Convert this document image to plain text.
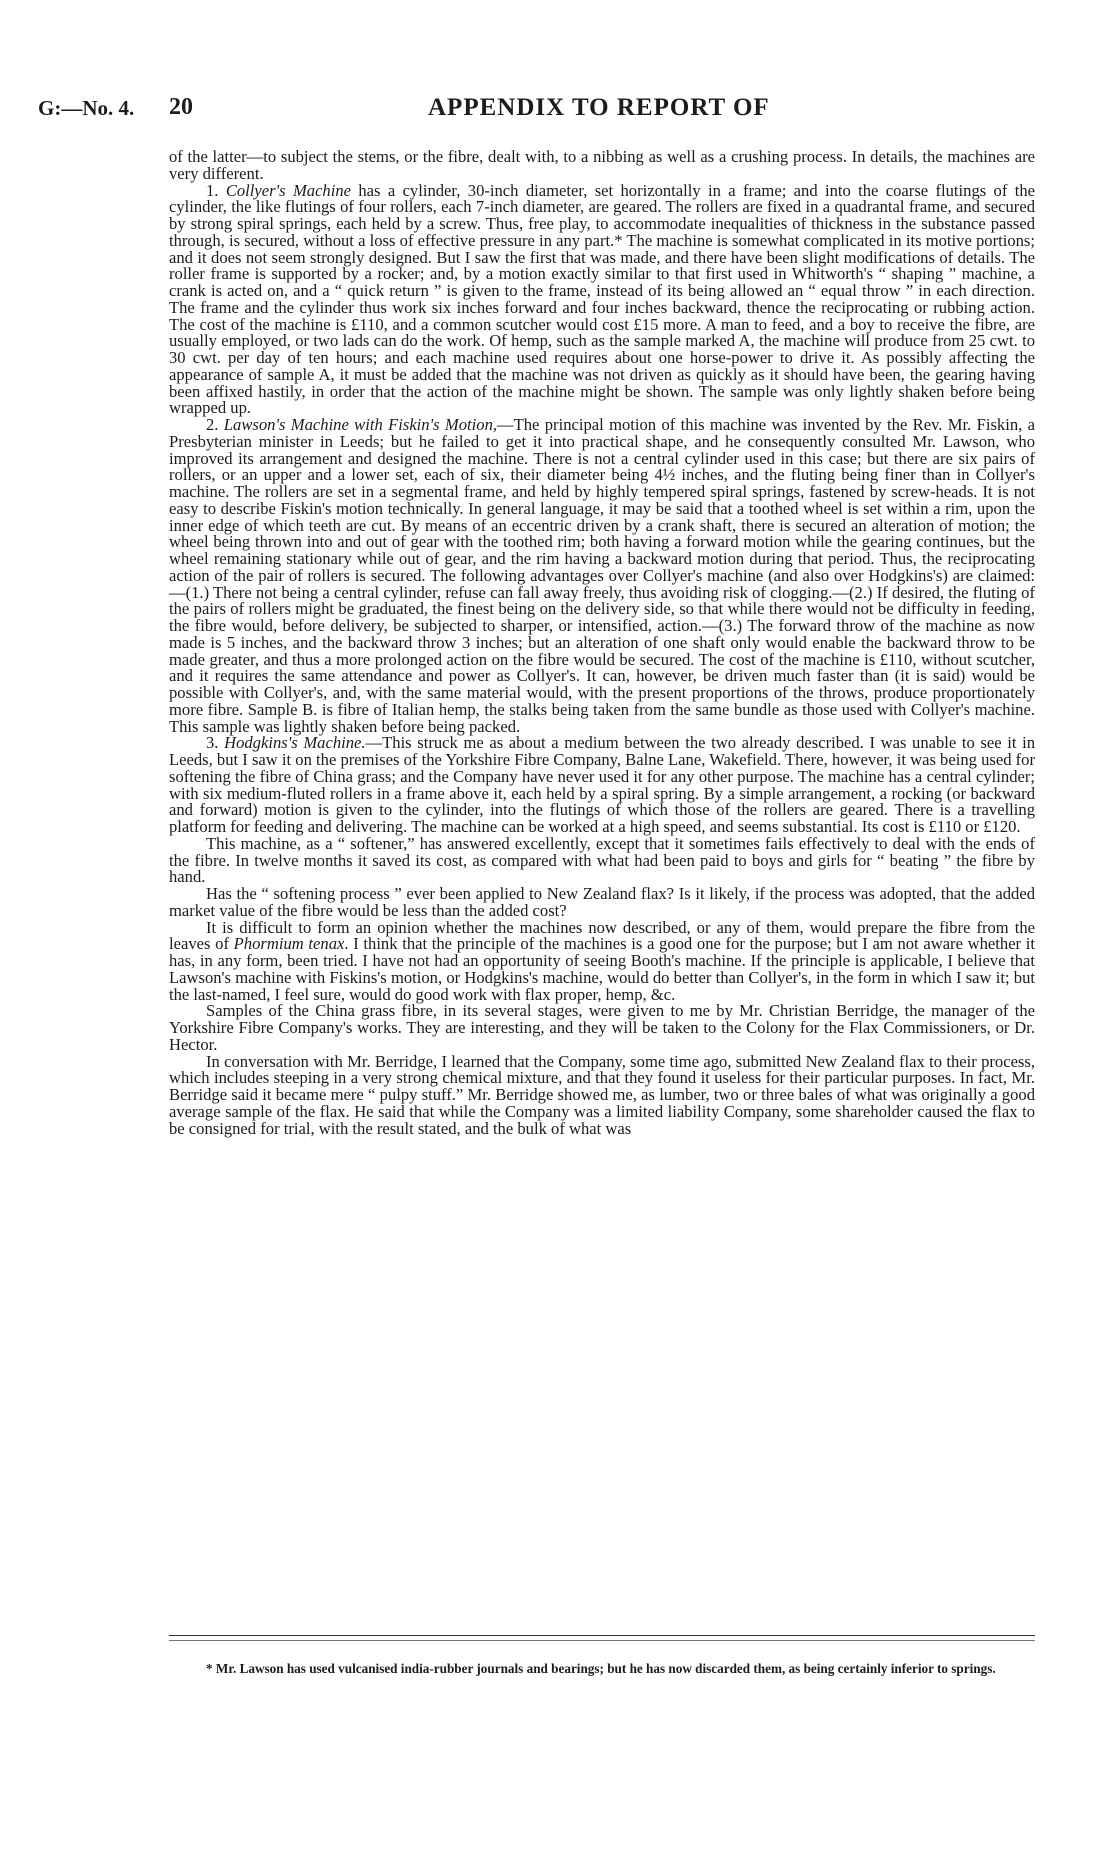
G:—No. 4. 20	APPENDIX TO REPORT OF

of the latter—to subject the stems, or the fibre, dealt with, to a nibbing as well as a crushing process. In details, the machines are very different.

1. Collyer's Machine has a cylinder, 30-inch diameter, set horizontally in a frame; and into the coarse flutings of the cylinder, the like flutings of four rollers, each 7-inch diameter, are geared. The rollers are fixed in a quadrantal frame, and secured by strong spiral springs, each held by a screw. Thus, free play, to accommodate inequalities of thickness in the substance passed through, is secured, without a loss of effective pressure in any part.* The machine is somewhat complicated in its motive portions; and it does not seem strongly designed. But I saw the first that was made, and there have been slight modifications of details. The roller frame is supported by a rocker; and, by a motion exactly similar to that first used in Whitworth's “ shaping ” machine, a crank is acted on, and a “ quick return ” is given to the frame, instead of its being allowed an “ equal throw ” in each direction. The frame and the cylinder thus work six inches forward and four inches backward, thence the reciprocating or rubbing action. The cost of the machine is £110, and a common scutcher would cost £15 more. A man to feed, and a boy to receive the fibre, are usually employed, or two lads can do the work. Of hemp, such as the sample marked A, the machine will produce from 25 cwt. to 30 cwt. per day of ten hours; and each machine used requires about one horse-power to drive it. As possibly affecting the appearance of sample A, it must be added that the machine was not driven as quickly as it should have been, the gearing having been affixed hastily, in order that the action of the machine might be shown. The sample was only lightly shaken before being wrapped up.

2. Lawson's Machine with Fiskin's Motion,—The principal motion of this machine was invented by the Rev. Mr. Fiskin, a Presbyterian minister in Leeds; but he failed to get it into practical shape, and he consequently consulted Mr. Lawson, who improved its arrangement and designed the machine. There is not a central cylinder used in this case; but there are six pairs of rollers, or an upper and a lower set, each of six, their diameter being 4½ inches, and the fluting being finer than in Collyer's machine. The rollers are set in a segmental frame, and held by highly tempered spiral springs, fastened by screw-heads. It is not easy to describe Fiskin's motion technically. In general language, it may be said that a toothed wheel is set within a rim, upon the inner edge of which teeth are cut. By means of an eccentric driven by a crank shaft, there is secured an alteration of motion; the wheel being thrown into and out of gear with the toothed rim; both having a forward motion while the gearing continues, but the wheel remaining stationary while out of gear, and the rim having a backward motion during that period. Thus, the reciprocating action of the pair of rollers is secured. The following advantages over Collyer's machine (and also over Hodgkins's) are claimed:—(1.) There not being a central cylinder, refuse can fall away freely, thus avoiding risk of clogging.—(2.) If desired, the fluting of the pairs of rollers might be graduated, the finest being on the delivery side, so that while there would not be difficulty in feeding, the fibre would, before delivery, be subjected to sharper, or intensified, action.—(3.) The forward throw of the machine as now made is 5 inches, and the backward throw 3 inches; but an alteration of one shaft only would enable the backward throw to be made greater, and thus a more prolonged action on the fibre would be secured. The cost of the machine is £110, without scutcher, and it requires the same attendance and power as Collyer's. It can, however, be driven much faster than (it is said) would be possible with Collyer's, and, with the same material would, with the present proportions of the throws, produce proportionately more fibre. Sample B. is fibre of Italian hemp, the stalks being taken from the same bundle as those used with Collyer's machine. This sample was lightly shaken before being packed.

3. Hodgkins's Machine.—This struck me as about a medium between the two already described. I was unable to see it in Leeds, but I saw it on the premises of the Yorkshire Fibre Company, Balne Lane, Wakefield. There, however, it was being used for softening the fibre of China grass; and the Company have never used it for any other purpose. The machine has a central cylinder; with six medium-fluted rollers in a frame above it, each held by a spiral spring. By a simple arrangement, a rocking (or backward and forward) motion is given to the cylinder, into the flutings of which those of the rollers are geared. There is a travelling platform for feeding and delivering. The machine can be worked at a high speed, and seems substantial. Its cost is £110 or £120.

This machine, as a “ softener,” has answered excellently, except that it sometimes fails effectively to deal with the ends of the fibre. In twelve months it saved its cost, as compared with what had been paid to boys and girls for “ beating ” the fibre by hand.

Has the “ softening process ” ever been applied to New Zealand flax? Is it likely, if the process was adopted, that the added market value of the fibre would be less than the added cost?

It is difficult to form an opinion whether the machines now described, or any of them, would prepare the fibre from the leaves of Phormium tenax. I think that the principle of the machines is a good one for the purpose; but I am not aware whether it has, in any form, been tried. I have not had an opportunity of seeing Booth's machine. If the principle is applicable, I believe that Lawson's machine with Fiskins's motion, or Hodgkins's machine, would do better than Collyer's, in the form in which I saw it; but the last-named, I feel sure, would do good work with flax proper, hemp, &c.

Samples of the China grass fibre, in its several stages, were given to me by Mr. Christian Berridge, the manager of the Yorkshire Fibre Company's works. They are interesting, and they will be taken to the Colony for the Flax Commissioners, or Dr. Hector.

In conversation with Mr. Berridge, I learned that the Company, some time ago, submitted New Zealand flax to their process, which includes steeping in a very strong chemical mixture, and that they found it useless for their particular purposes. In fact, Mr. Berridge said it became mere “ pulpy stuff.” Mr. Berridge showed me, as lumber, two or three bales of what was originally a good average sample of the flax. He said that while the Company was a limited liability Company, some shareholder caused the flax to be consigned for trial, with the result stated, and the bulk of what was

* Mr. Lawson has used vulcanised india-rubber journals and bearings; but he has now discarded them, as being certainly inferior to springs.
